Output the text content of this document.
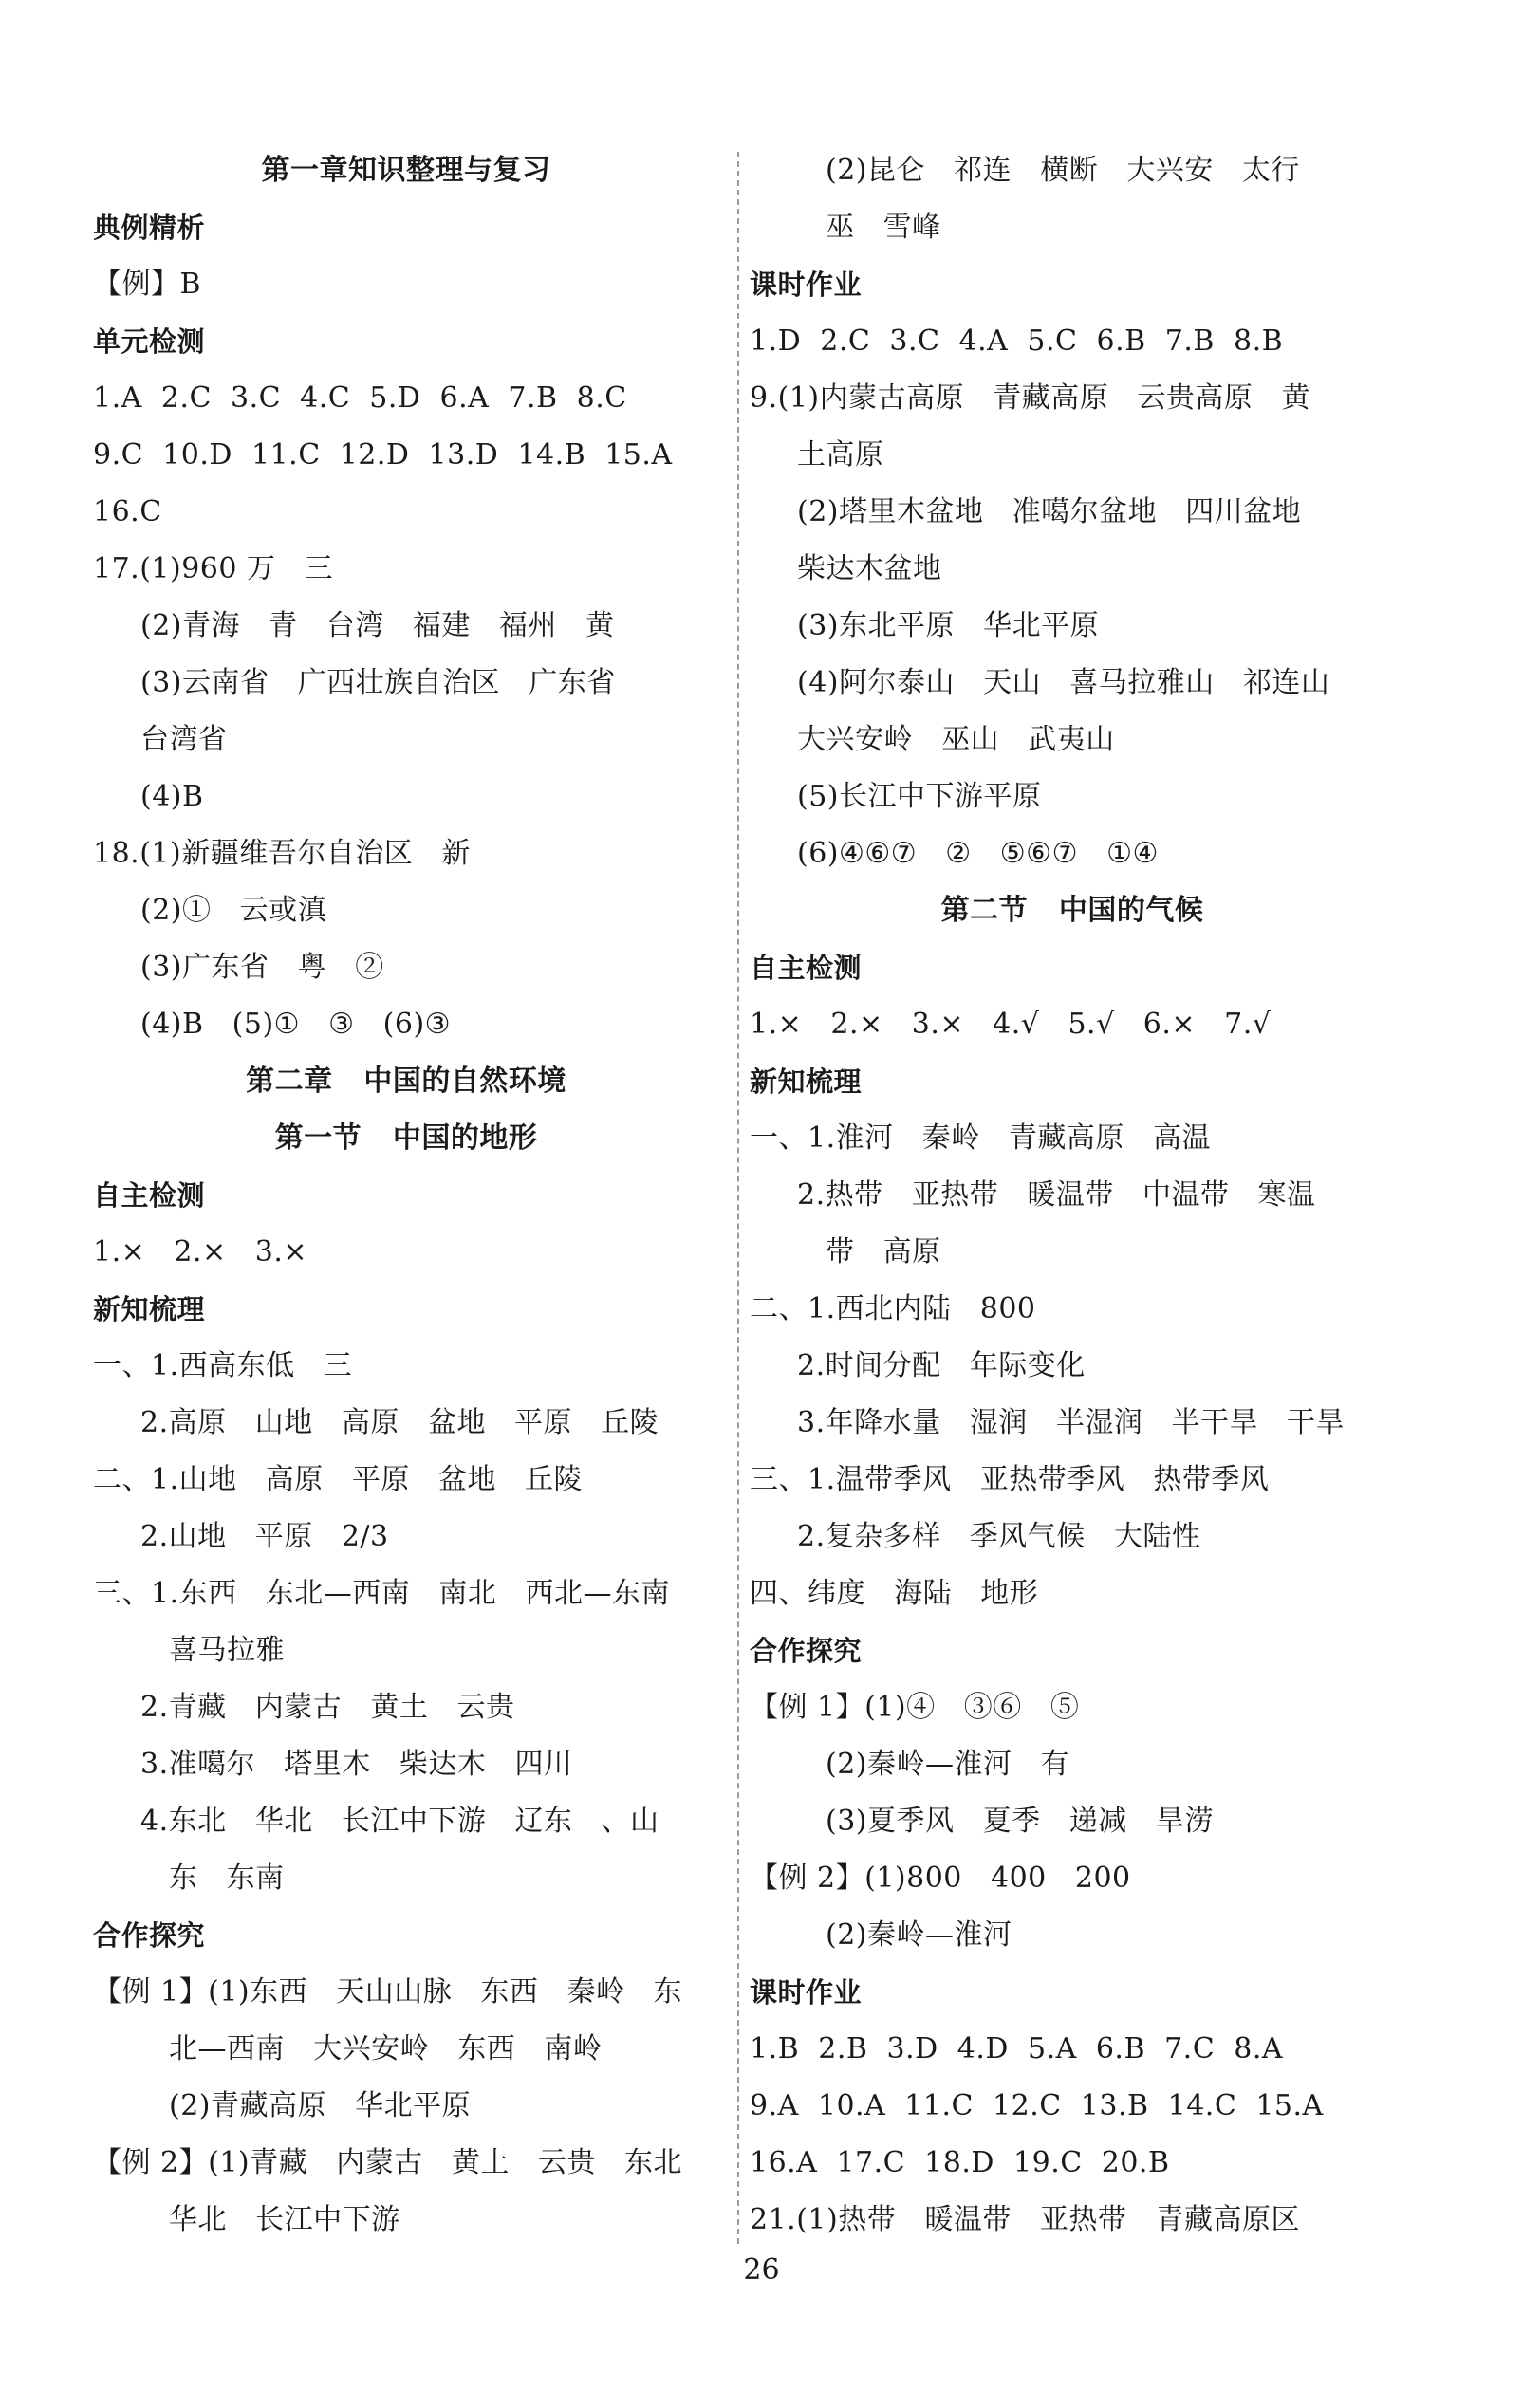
第一章知识整理与复习
典例精析
【例】B
单元检测
1.A  2.C  3.C  4.C  5.D  6.A  7.B  8.C
9.C  10.D  11.C  12.D  13.D  14.B  15.A
16.C
17.(1)960 万   三
(2)青海   青   台湾   福建   福州   黄
(3)云南省   广西壮族自治区   广东省
台湾省
(4)B
18.(1)新疆维吾尔自治区   新
(2)①   云或滇
(3)广东省   粤   ②
(4)B   (5)①   ③   (6)③
第二章   中国的自然环境
第一节   中国的地形
自主检测
1.×   2.×   3.×
新知梳理
一、1.西高东低   三
2.高原   山地   高原   盆地   平原   丘陵
二、1.山地   高原   平原   盆地   丘陵
2.山地   平原   2/3
三、1.东西   东北—西南   南北   西北—东南
喜马拉雅
2.青藏   内蒙古   黄土   云贵
3.准噶尔   塔里木   柴达木   四川
4.东北   华北   长江中下游   辽东   、山
东   东南
合作探究
【例 1】(1)东西   天山山脉   东西   秦岭   东
北—西南   大兴安岭   东西   南岭
(2)青藏高原   华北平原
【例 2】(1)青藏   内蒙古   黄土   云贵   东北
华北   长江中下游
(2)昆仑   祁连   横断   大兴安   太行
巫   雪峰
课时作业
1.D  2.C  3.C  4.A  5.C  6.B  7.B  8.B
9.(1)内蒙古高原   青藏高原   云贵高原   黄
土高原
(2)塔里木盆地   准噶尔盆地   四川盆地
柴达木盆地
(3)东北平原   华北平原
(4)阿尔泰山   天山   喜马拉雅山   祁连山
大兴安岭   巫山   武夷山
(5)长江中下游平原
(6)④⑥⑦   ②   ⑤⑥⑦   ①④
第二节   中国的气候
自主检测
1.×   2.×   3.×   4.√   5.√   6.×   7.√
新知梳理
一、1.淮河   秦岭   青藏高原   高温
2.热带   亚热带   暖温带   中温带   寒温
带   高原
二、1.西北内陆   800
2.时间分配   年际变化
3.年降水量   湿润   半湿润   半干旱   干旱
三、1.温带季风   亚热带季风   热带季风
2.复杂多样   季风气候   大陆性
四、纬度   海陆   地形
合作探究
【例 1】(1)④   ③⑥   ⑤
(2)秦岭—淮河   有
(3)夏季风   夏季   递减   旱涝
【例 2】(1)800   400   200
(2)秦岭—淮河
课时作业
1.B  2.B  3.D  4.D  5.A  6.B  7.C  8.A
9.A  10.A  11.C  12.C  13.B  14.C  15.A
16.A  17.C  18.D  19.C  20.B
21.(1)热带   暖温带   亚热带   青藏高原区
26
